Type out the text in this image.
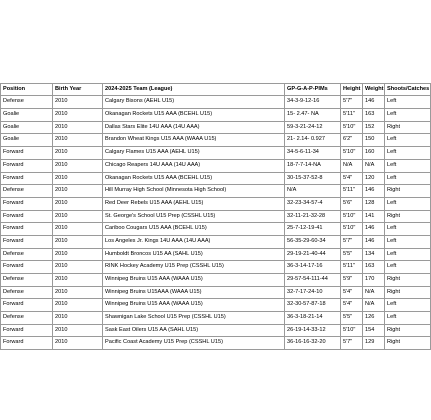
Position	Birth Year	2024-2025 Team (League)	GP-G-A-P-PIMs	Height	Weight	Shoots/Catches
Defense	2010	Calgary Bisons (AEHL U15)	34-3-9-12-16	5'7"	146	Left
Goalie	2010	Okanagan Rockets U15 AAA (BCEHL U15)	15- 2.47- NA	5'11"	163	Left
Goalie	2010	Dallas Stars Elite 14U AAA (14U AAA)	59-3-21-24-12	5'10"	152	Right
Goalie	2010	Brandon Wheat Kings U15 AAA (WAAA U15)	21- 2.14- 0.927	6'2"	150	Left
Forward	2010	Calgary Flames U15 AAA (AEHL U15)	34-5-6-11-34	5'10"	160	Left
Forward	2010	Chicago Reapers 14U AAA (14U AAA)	18-7-7-14-NA	N/A	N/A	Left
Forward	2010	Okanagan Rockets U15 AAA (BCEHL U15)	30-15-37-52-8	5'4"	120	Left
Defense	2010	Hill Murray High School (Minnesota High School)	N/A	5'11"	146	Right
Forward	2010	Red Deer Rebels U15 AAA (AEHL U15)	32-23-34-57-4	5'6"	128	Left
Forward	2010	St. George's School U15 Prep (CSSHL U15)	32-11-21-32-28	5'10"	141	Right
Forward	2010	Cariboo Cougars U15 AAA (BCEHL U15)	25-7-12-19-41	5'10"	146	Left
Forward	2010	Los Angeles Jr. Kings 14U AAA (14U AAA)	56-35-29-60-34	5'7"	146	Left
Defense	2010	Humboldt Broncos U15 AA (SAHL U15)	29-19-21-40-44	5'5"	134	Left
Forward	2010	RINK Hockey Academy U15 Prep (CSSHL U15)	36-3-14-17-16	5'11"	163	Left
Defense	2010	Winnipeg Bruins U15 AAA (WAAA U15)	29-57-54-111-44	5'9"	170	Right
Defense	2010	Winnipeg Bruins U15AAA (WAAA U15)	32-7-17-24-10	5'4"	N/A	Right
Forward	2010	Winnipeg Bruins U15 AAA (WAAA U15)	32-30-57-87-18	5'4"	N/A	Left
Defense	2010	Shawnigan Lake School U15 Prep (CSSHL U15)	36-3-18-21-14	5'5"	126	Left
Forward	2010	Sask East Oilers U15 AA (SAHL U15)	26-19-14-33-12	5'10"	154	Right
Forward	2010	Pacific Coast Academy U15 Prep (CSSHL U15)	36-16-16-32-20	5'7"	129	Right
